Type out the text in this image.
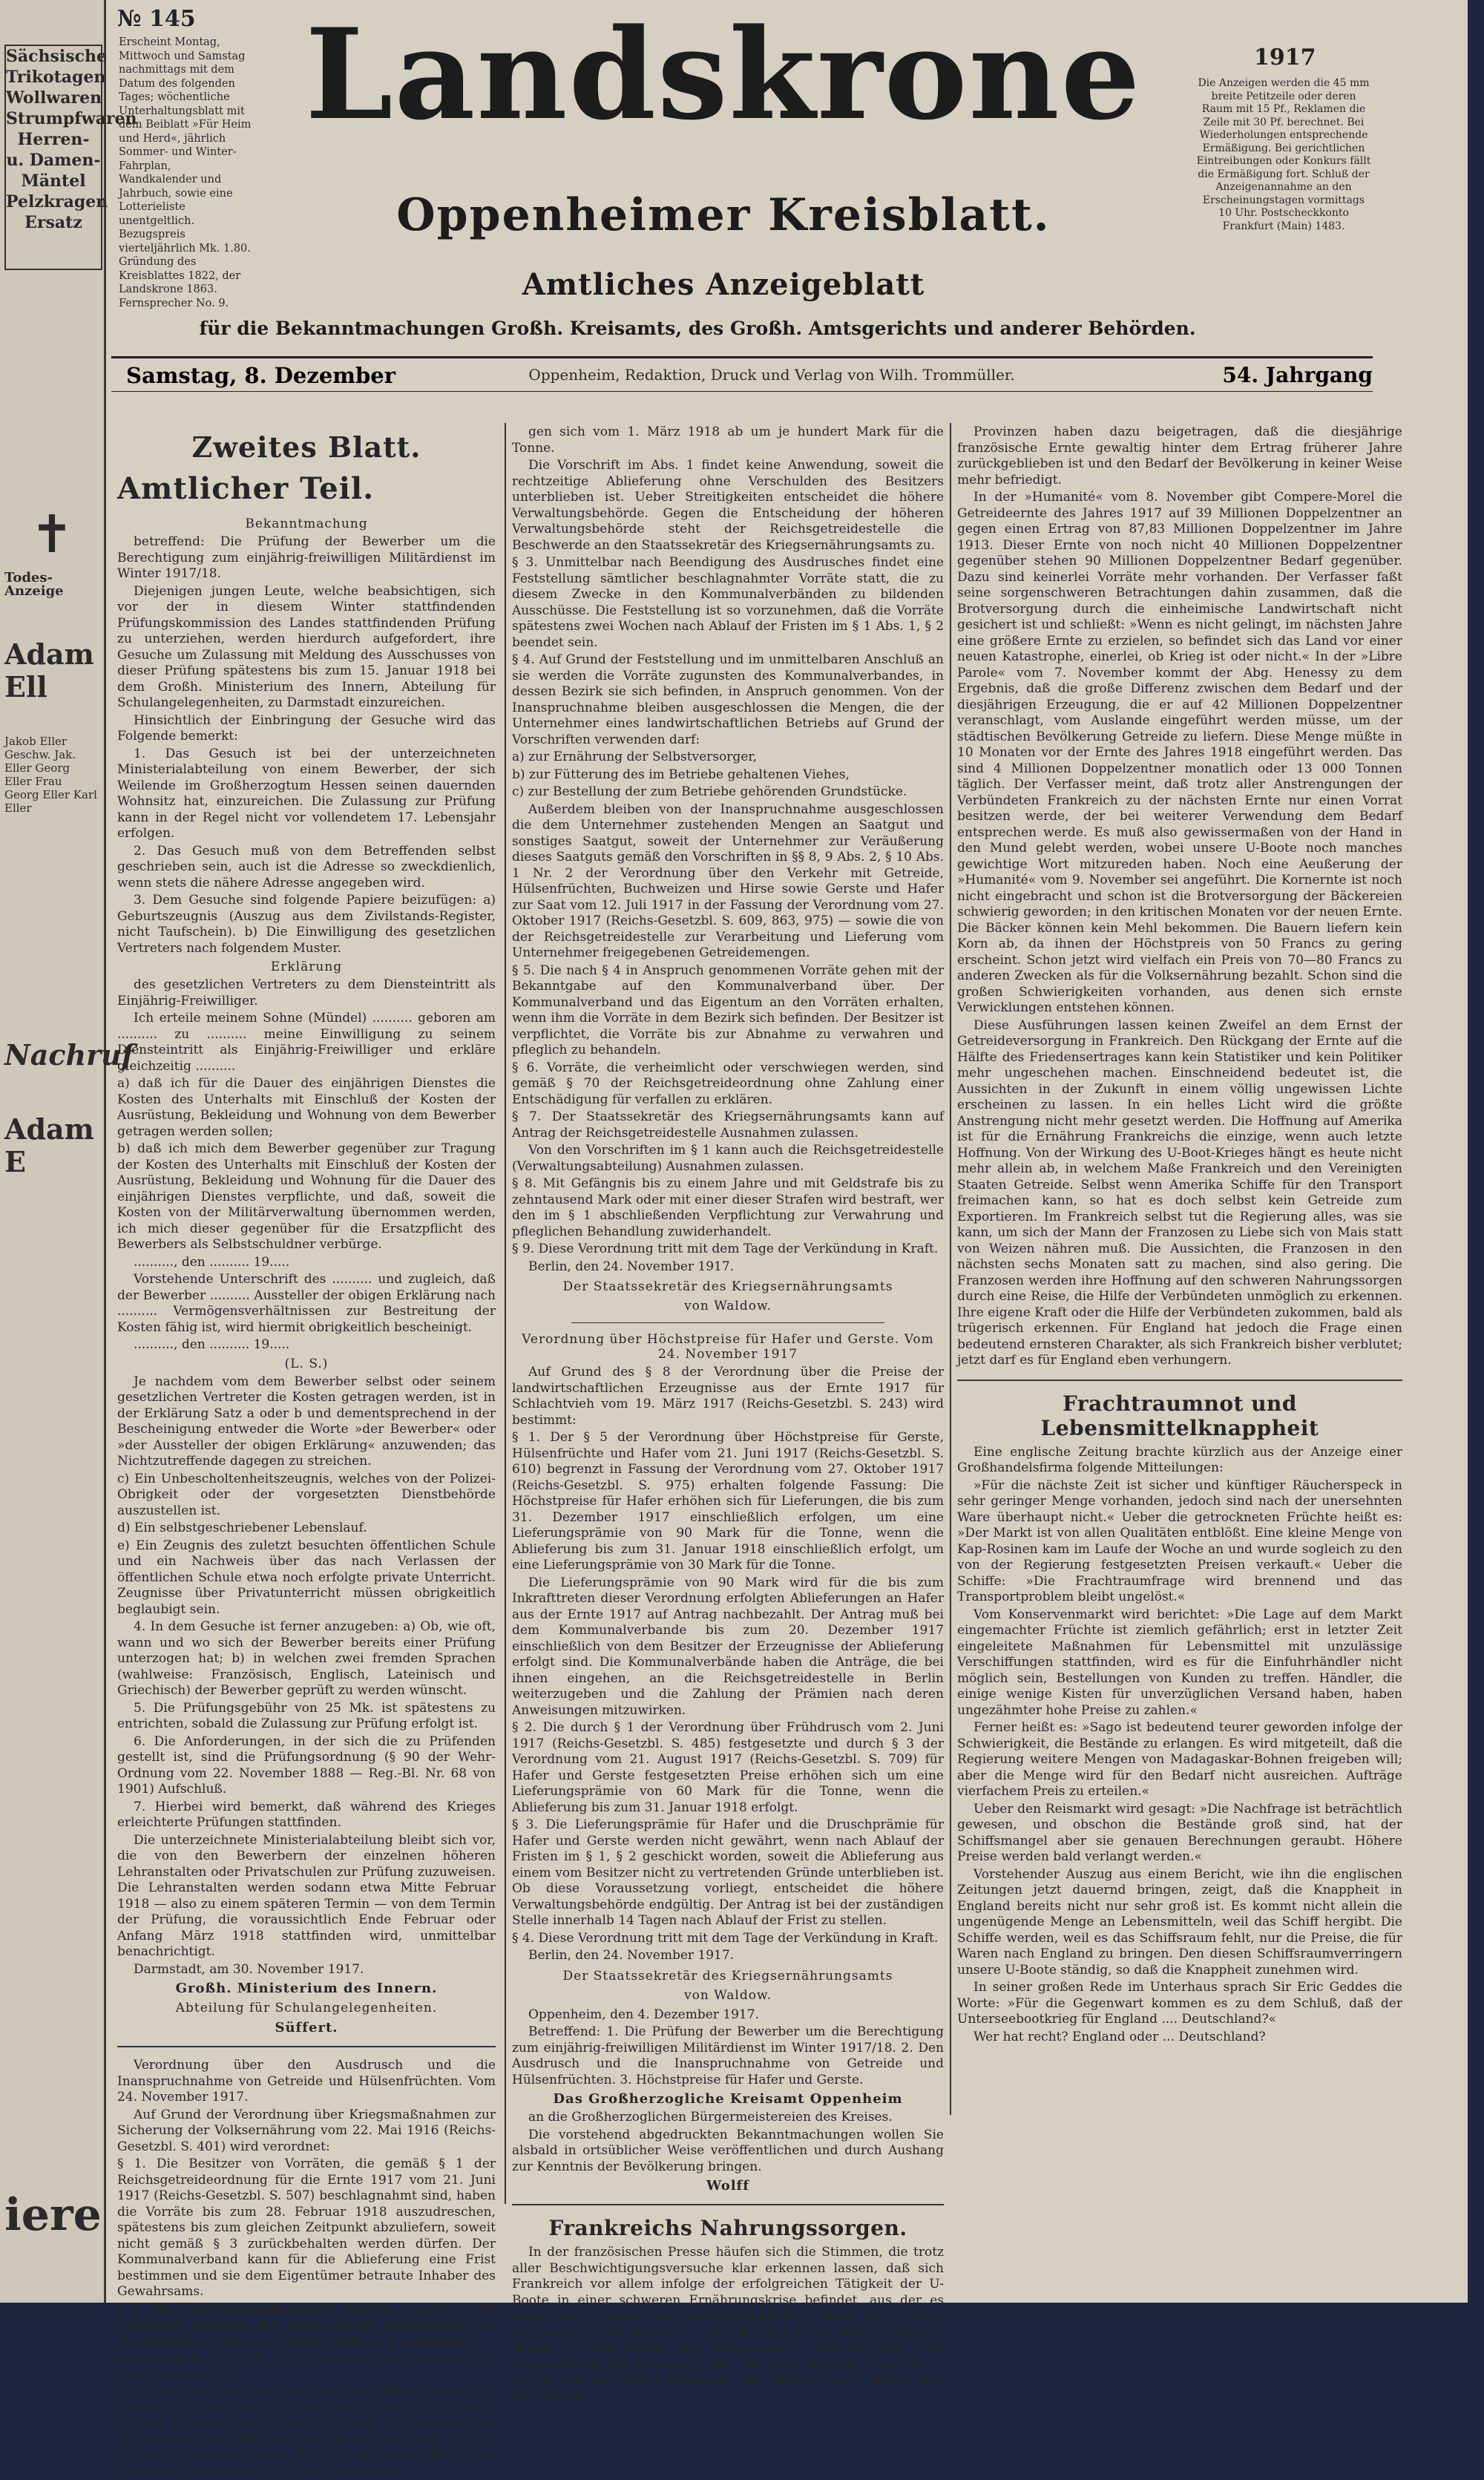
Sächsische Trikotagen Wollwaren Strumpfwaren Herren- u. Damen-Mäntel Pelzkragen Ersatz
✝
Todes-Anzeige
Adam Ell
Jakob Eller Geschw. Jak. Eller Georg Eller Frau Georg Eller Karl Eller
Nachruf
Adam E
iere
№ 145
1917
Erscheint Montag, Mittwoch und Samstag nachmittags mit dem Datum des folgenden Tages; wöchentliche Unterhaltungsblatt mit dem Beiblatt »Für Heim und Herd«, jährlich Sommer- und Winter-Fahrplan, Wandkalender und Jahrbuch, sowie eine Lotterieliste unentgeltlich. Bezugspreis vierteljährlich Mk. 1.80. Gründung des Kreisblattes 1822, der Landskrone 1863. Fernsprecher No. 9.
Die Anzeigen werden die 45 mm breite Petitzeile oder deren Raum mit 15 Pf., Reklamen die Zeile mit 30 Pf. berechnet. Bei Wiederholungen entsprechende Ermäßigung. Bei gerichtlichen Eintreibungen oder Konkurs fällt die Ermäßigung fort. Schluß der Anzeigenannahme an den Erscheinungstagen vormittags 10 Uhr. Postscheckkonto Frankfurt (Main) 1483.
Landskrone
Oppenheimer Kreisblatt.
Amtliches Anzeigeblatt
für die Bekanntmachungen Großh. Kreisamts, des Großh. Amtsgerichts und anderer Behörden.
Samstag, 8. Dezember	Oppenheim, Redaktion, Druck und Verlag von Wilh. Trommüller.	54. Jahrgang
Zweites Blatt.
Amtlicher Teil.
Bekanntmachung

betreffend: Die Prüfung der Bewerber um die Berechtigung zum einjährig-freiwilligen Militärdienst im Winter 1917/18.

Diejenigen jungen Leute, welche beabsichtigen, sich vor der in diesem Winter stattfindenden Prüfungskommission des Landes stattfindenden Prüfung zu unterziehen, werden hierdurch aufgefordert, ihre Gesuche um Zulassung mit Meldung des Ausschusses von dieser Prüfung spätestens bis zum 15. Januar 1918 bei dem Großh. Ministerium des Innern, Abteilung für Schulangelegenheiten, zu Darmstadt einzureichen.

Hinsichtlich der Einbringung der Gesuche wird das Folgende bemerkt:

1. Das Gesuch ist bei der unterzeichneten Ministerialabteilung von einem Bewerber, der sich Weilende im Großherzogtum Hessen seinen dauernden Wohnsitz hat, einzureichen. Die Zulassung zur Prüfung kann in der Regel nicht vor vollendetem 17. Lebensjahr erfolgen.

2. Das Gesuch muß von dem Betreffenden selbst geschrieben sein, auch ist die Adresse so zweckdienlich, wenn stets die nähere Adresse angegeben wird.

3. Dem Gesuche sind folgende Papiere beizufügen: a) Geburtszeugnis (Auszug aus dem Zivilstands-Register, nicht Taufschein). b) Die Einwilligung des gesetzlichen Vertreters nach folgendem Muster.

Erklärung

des gesetzlichen Vertreters zu dem Diensteintritt als Einjährig-Freiwilliger.

Ich erteile meinem Sohne (Mündel) .......... geboren am .......... zu .......... meine Einwilligung zu seinem Diensteintritt als Einjährig-Freiwilliger und erkläre gleichzeitig ..........

a) daß ich für die Dauer des einjährigen Dienstes die Kosten des Unterhalts mit Einschluß der Kosten der Ausrüstung, Bekleidung und Wohnung von dem Bewerber getragen werden sollen;

b) daß ich mich dem Bewerber gegenüber zur Tragung der Kosten des Unterhalts mit Einschluß der Kosten der Ausrüstung, Bekleidung und Wohnung für die Dauer des einjährigen Dienstes verpflichte, und daß, soweit die Kosten von der Militärverwaltung übernommen werden, ich mich dieser gegenüber für die Ersatzpflicht des Bewerbers als Selbstschuldner verbürge.

.........., den .......... 19.....

Vorstehende Unterschrift des .......... und zugleich, daß der Bewerber .......... Aussteller der obigen Erklärung nach .......... Vermögensverhältnissen zur Bestreitung der Kosten fähig ist, wird hiermit obrigkeitlich bescheinigt.

.........., den .......... 19.....

(L. S.)

Je nachdem vom dem Bewerber selbst oder seinem gesetzlichen Vertreter die Kosten getragen werden, ist in der Erklärung Satz a oder b und dementsprechend in der Bescheinigung entweder die Worte »der Bewerber« oder »der Aussteller der obigen Erklärung« anzuwenden; das Nichtzutreffende dagegen zu streichen.

c) Ein Unbescholtenheitszeugnis, welches von der Polizei-Obrigkeit oder der vorgesetzten Dienstbehörde auszustellen ist.

d) Ein selbstgeschriebener Lebenslauf.

e) Ein Zeugnis des zuletzt besuchten öffentlichen Schule und ein Nachweis über das nach Verlassen der öffentlichen Schule etwa noch erfolgte private Unterricht. Zeugnisse über Privatunterricht müssen obrigkeitlich beglaubigt sein.

4. In dem Gesuche ist ferner anzugeben: a) Ob, wie oft, wann und wo sich der Bewerber bereits einer Prüfung unterzogen hat; b) in welchen zwei fremden Sprachen (wahlweise: Französisch, Englisch, Lateinisch und Griechisch) der Bewerber geprüft zu werden wünscht.

5. Die Prüfungsgebühr von 25 Mk. ist spätestens zu entrichten, sobald die Zulassung zur Prüfung erfolgt ist.

6. Die Anforderungen, in der sich die zu Prüfenden gestellt ist, sind die Prüfungsordnung (§ 90 der Wehr-Ordnung vom 22. November 1888 — Reg.-Bl. Nr. 68 von 1901) Aufschluß.

7. Hierbei wird bemerkt, daß während des Krieges erleichterte Prüfungen stattfinden.

Die unterzeichnete Ministerialabteilung bleibt sich vor, die von den Bewerbern der einzelnen höheren Lehranstalten oder Privatschulen zur Prüfung zuzuweisen. Die Lehranstalten werden sodann etwa Mitte Februar 1918 — also zu einem späteren Termin — von dem Termin der Prüfung, die voraussichtlich Ende Februar oder Anfang März 1918 stattfinden wird, unmittelbar benachrichtigt.

Darmstadt, am 30. November 1917.

Großh. Ministerium des Innern.
Abteilung für Schulangelegenheiten.
Süffert.

Verordnung über den Ausdrusch und die Inanspruchnahme von Getreide und Hülsenfrüchten. Vom 24. November 1917.

Auf Grund der Verordnung über Kriegsmaßnahmen zur Sicherung der Volksernährung vom 22. Mai 1916 (Reichs-Gesetzbl. S. 401) wird verordnet:

§ 1. Die Besitzer von Vorräten, die gemäß § 1 der Reichsgetreideordnung für die Ernte 1917 vom 21. Juni 1917 (Reichs-Gesetzbl. S. 507) beschlagnahmt sind, haben die Vorräte bis zum 28. Februar 1918 auszudreschen, spätestens bis zum gleichen Zeitpunkt abzuliefern, soweit nicht gemäß § 3 zurückbehalten werden dürfen. Der Kommunalverband kann für die Ablieferung eine Frist bestimmen und sie dem Eigentümer betraute Inhaber des Gewahrsams.

§ 2. Die Landeszentralbehörden können, soweit es die Umstände gestatten, den Zeitpunkt des Ausdrusches und der Ablieferung bis zum gleichen Zeitpunkt anzuordnen.

§ 3. Die §§ 5, 6 und 21 Abs. 2 der Reichsgetreideordnung finden Anwendung.

§ 4. Die nach der Verordnung über Höchstpreise für Brotgetreide vom 19. Juli 1917 (Reichs-Gesetzbl. S. 619) und 27. Oktober 1917 (Reichs-Gesetzbl. S. 975) und über Höchstpreise für Hülsenfrüchte (Reichs-Gesetzbl. S. 737) für den Verkauf durch den Erzeuger geltenden Preise mit Ausnahme der Zuschläge bleiben unberührt.

gen sich vom 1. März 1918 ab um je hundert Mark für die Tonne.

Die Vorschrift im Abs. 1 findet keine Anwendung, soweit die rechtzeitige Ablieferung ohne Verschulden des Besitzers unterblieben ist. Ueber Streitigkeiten entscheidet die höhere Verwaltungsbehörde. Gegen die Entscheidung der höheren Verwaltungsbehörde steht der Reichsgetreidestelle die Beschwerde an den Staatssekretär des Kriegsernährungsamts zu.

§ 3. Unmittelbar nach Beendigung des Ausdrusches findet eine Feststellung sämtlicher beschlagnahmter Vorräte statt, die zu diesem Zwecke in den Kommunalverbänden zu bildenden Ausschüsse. Die Feststellung ist so vorzunehmen, daß die Vorräte spätestens zwei Wochen nach Ablauf der Fristen im § 1 Abs. 1, § 2 beendet sein.

§ 4. Auf Grund der Feststellung und im unmittelbaren Anschluß an sie werden die Vorräte zugunsten des Kommunalverbandes, in dessen Bezirk sie sich befinden, in Anspruch genommen. Von der Inanspruchnahme bleiben ausgeschlossen die Mengen, die der Unternehmer eines landwirtschaftlichen Betriebs auf Grund der Vorschriften verwenden darf:

a) zur Ernährung der Selbstversorger,

b) zur Fütterung des im Betriebe gehaltenen Viehes,

c) zur Bestellung der zum Betriebe gehörenden Grundstücke.

Außerdem bleiben von der Inanspruchnahme ausgeschlossen die dem Unternehmer zustehenden Mengen an Saatgut und sonstiges Saatgut, soweit der Unternehmer zur Veräußerung dieses Saatguts gemäß den Vorschriften in §§ 8, 9 Abs. 2, § 10 Abs. 1 Nr. 2 der Verordnung über den Verkehr mit Getreide, Hülsenfrüchten, Buchweizen und Hirse sowie Gerste und Hafer zur Saat vom 12. Juli 1917 in der Fassung der Verordnung vom 27. Oktober 1917 (Reichs-Gesetzbl. S. 609, 863, 975) — sowie die von der Reichsgetreidestelle zur Verarbeitung und Lieferung vom Unternehmer freigegebenen Getreidemengen.

§ 5. Die nach § 4 in Anspruch genommenen Vorräte gehen mit der Bekanntgabe auf den Kommunalverband über. Der Kommunalverband und das Eigentum an den Vorräten erhalten, wenn ihm die Vorräte in dem Bezirk sich befinden. Der Besitzer ist verpflichtet, die Vorräte bis zur Abnahme zu verwahren und pfleglich zu behandeln.

§ 6. Vorräte, die verheimlicht oder verschwiegen werden, sind gemäß § 70 der Reichsgetreideordnung ohne Zahlung einer Entschädigung für verfallen zu erklären.

§ 7. Der Staatssekretär des Kriegsernährungsamts kann auf Antrag der Reichsgetreidestelle Ausnahmen zulassen.

Von den Vorschriften im § 1 kann auch die Reichsgetreidestelle (Verwaltungsabteilung) Ausnahmen zulassen.

§ 8. Mit Gefängnis bis zu einem Jahre und mit Geldstrafe bis zu zehntausend Mark oder mit einer dieser Strafen wird bestraft, wer den im § 1 abschließenden Verpflichtung zur Verwahrung und pfleglichen Behandlung zuwiderhandelt.

§ 9. Diese Verordnung tritt mit dem Tage der Verkündung in Kraft.

Berlin, den 24. November 1917.

Der Staatssekretär des Kriegsernährungsamts
von Waldow.
Verordnung über Höchstpreise für Hafer und Gerste. Vom 24. November 1917

Auf Grund des § 8 der Verordnung über die Preise der landwirtschaftlichen Erzeugnisse aus der Ernte 1917 für Schlachtvieh vom 19. März 1917 (Reichs-Gesetzbl. S. 243) wird bestimmt:

§ 1. Der § 5 der Verordnung über Höchstpreise für Gerste, Hülsenfrüchte und Hafer vom 21. Juni 1917 (Reichs-Gesetzbl. S. 610) begrenzt in Fassung der Verordnung vom 27. Oktober 1917 (Reichs-Gesetzbl. S. 975) erhalten folgende Fassung: Die Höchstpreise für Hafer erhöhen sich für Lieferungen, die bis zum 31. Dezember 1917 einschließlich erfolgen, um eine Lieferungsprämie von 90 Mark für die Tonne, wenn die Ablieferung bis zum 31. Januar 1918 einschließlich erfolgt, um eine Lieferungsprämie von 30 Mark für die Tonne.

Die Lieferungsprämie von 90 Mark wird für die bis zum Inkrafttreten dieser Verordnung erfolgten Ablieferungen an Hafer aus der Ernte 1917 auf Antrag nachbezahlt. Der Antrag muß bei dem Kommunalverbande bis zum 20. Dezember 1917 einschließlich von dem Besitzer der Erzeugnisse der Ablieferung erfolgt sind. Die Kommunalverbände haben die Anträge, die bei ihnen eingehen, an die Reichsgetreidestelle in Berlin weiterzugeben und die Zahlung der Prämien nach deren Anweisungen mitzuwirken.

§ 2. Die durch § 1 der Verordnung über Frühdrusch vom 2. Juni 1917 (Reichs-Gesetzbl. S. 485) festgesetzte und durch § 3 der Verordnung vom 21. August 1917 (Reichs-Gesetzbl. S. 709) für Hafer und Gerste festgesetzten Preise erhöhen sich um eine Lieferungsprämie von 60 Mark für die Tonne, wenn die Ablieferung bis zum 31. Januar 1918 erfolgt.

§ 3. Die Lieferungsprämie für Hafer und die Druschprämie für Hafer und Gerste werden nicht gewährt, wenn nach Ablauf der Fristen im § 1, § 2 geschickt worden, soweit die Ablieferung aus einem vom Besitzer nicht zu vertretenden Gründe unterblieben ist. Ob diese Voraussetzung vorliegt, entscheidet die höhere Verwaltungsbehörde endgültig. Der Antrag ist bei der zuständigen Stelle innerhalb 14 Tagen nach Ablauf der Frist zu stellen.

§ 4. Diese Verordnung tritt mit dem Tage der Verkündung in Kraft.

Berlin, den 24. November 1917.

Der Staatssekretär des Kriegsernährungsamts
von Waldow.

Oppenheim, den 4. Dezember 1917.

Betreffend: 1. Die Prüfung der Bewerber um die Berechtigung zum einjährig-freiwilligen Militärdienst im Winter 1917/18. 2. Den Ausdrusch und die Inanspruchnahme von Getreide und Hülsenfrüchten. 3. Höchstpreise für Hafer und Gerste.

Das Großherzogliche Kreisamt Oppenheim

an die Großherzoglichen Bürgermeistereien des Kreises.

Die vorstehend abgedruckten Bekanntmachungen wollen Sie alsbald in ortsüblicher Weise veröffentlichen und durch Aushang zur Kenntnis der Bevölkerung bringen.

Wolff
Frankreichs Nahrungssorgen.

In der französischen Presse häufen sich die Stimmen, die trotz aller Beschwichtigungsversuche klar erkennen lassen, daß sich Frankreich vor allem infolge der erfolgreichen Tätigkeit der U-Boote in einer schweren Ernährungskrise befindet, aus der es weder durch eigene Kraft noch durch die Hilfe seiner Verbündeten herauszukommen hoffen darf. Der Mangel an landwirtschaftlichen Arbeitern, das Fehlen von Düngemitteln, Einziehungen zum Heeresdienst, die Besetzung der reichsten Gebiete Frankreichs durch die deutschen Truppen, die Verheerungen durch das nördlichen

Provinzen haben dazu beigetragen, daß die diesjährige französische Ernte gewaltig hinter dem Ertrag früherer Jahre zurückgeblieben ist und den Bedarf der Bevölkerung in keiner Weise mehr befriedigt.

In der »Humanité« vom 8. November gibt Compere-Morel die Getreideernte des Jahres 1917 auf 39 Millionen Doppelzentner an gegen einen Ertrag von 87,83 Millionen Doppelzentner im Jahre 1913. Dieser Ernte von noch nicht 40 Millionen Doppelzentner gegenüber stehen 90 Millionen Doppelzentner Bedarf gegenüber. Dazu sind keinerlei Vorräte mehr vorhanden. Der Verfasser faßt seine sorgenschweren Betrachtungen dahin zusammen, daß die Brotversorgung durch die einheimische Landwirtschaft nicht gesichert ist und schließt: »Wenn es nicht gelingt, im nächsten Jahre eine größere Ernte zu erzielen, so befindet sich das Land vor einer neuen Katastrophe, einerlei, ob Krieg ist oder nicht.« In der »Libre Parole« vom 7. November kommt der Abg. Henessy zu dem Ergebnis, daß die große Differenz zwischen dem Bedarf und der diesjährigen Erzeugung, die er auf 42 Millionen Doppelzentner veranschlagt, vom Auslande eingeführt werden müsse, um der städtischen Bevölkerung Getreide zu liefern. Diese Menge müßte in 10 Monaten vor der Ernte des Jahres 1918 eingeführt werden. Das sind 4 Millionen Doppelzentner monatlich oder 13 000 Tonnen täglich. Der Verfasser meint, daß trotz aller Anstrengungen der Verbündeten Frankreich zu der nächsten Ernte nur einen Vorrat besitzen werde, der bei weiterer Verwendung dem Bedarf entsprechen werde. Es muß also gewissermaßen von der Hand in den Mund gelebt werden, wobei unsere U-Boote noch manches gewichtige Wort mitzureden haben. Noch eine Aeußerung der »Humanité« vom 9. November sei angeführt. Die Kornernte ist noch nicht eingebracht und schon ist die Brotversorgung der Bäckereien schwierig geworden; in den kritischen Monaten vor der neuen Ernte. Die Bäcker können kein Mehl bekommen. Die Bauern liefern kein Korn ab, da ihnen der Höchstpreis von 50 Francs zu gering erscheint. Schon jetzt wird vielfach ein Preis von 70—80 Francs zu anderen Zwecken als für die Volksernährung bezahlt. Schon sind die großen Schwierigkeiten vorhanden, aus denen sich ernste Verwicklungen entstehen können.

Diese Ausführungen lassen keinen Zweifel an dem Ernst der Getreideversorgung in Frankreich. Den Rückgang der Ernte auf die Hälfte des Friedensertrages kann kein Statistiker und kein Politiker mehr ungeschehen machen. Einschneidend bedeutet ist, die Aussichten in der Zukunft in einem völlig ungewissen Lichte erscheinen zu lassen. In ein helles Licht wird die größte Anstrengung nicht mehr gesetzt werden. Die Hoffnung auf Amerika ist für die Ernährung Frankreichs die einzige, wenn auch letzte Hoffnung. Von der Wirkung des U-Boot-Krieges hängt es heute nicht mehr allein ab, in welchem Maße Frankreich und den Vereinigten Staaten Getreide. Selbst wenn Amerika Schiffe für den Transport freimachen kann, so hat es doch selbst kein Getreide zum Exportieren. Im Frankreich selbst tut die Regierung alles, was sie kann, um sich der Mann der Franzosen zu Liebe sich von Mais statt von Weizen nähren muß. Die Aussichten, die Franzosen in den nächsten sechs Monaten satt zu machen, sind also gering. Die Franzosen werden ihre Hoffnung auf den schweren Nahrungssorgen durch eine Reise, die Hilfe der Verbündeten unmöglich zu erkennen. Ihre eigene Kraft oder die Hilfe der Verbündeten zukommen, bald als trügerisch erkennen. Für England hat jedoch die Frage einen bedeutend ernsteren Charakter, als sich Frankreich bisher verblutet; jetzt darf es für England eben verhungern.

Frachtraumnot und Lebensmittelknappheit

Eine englische Zeitung brachte kürzlich aus der Anzeige einer Großhandelsfirma folgende Mitteilungen:

»Für die nächste Zeit ist sicher und künftiger Räucherspeck in sehr geringer Menge vorhanden, jedoch sind nach der unersehnten Ware überhaupt nicht.« Ueber die getrockneten Früchte heißt es: »Der Markt ist von allen Qualitäten entblößt. Eine kleine Menge von Kap-Rosinen kam im Laufe der Woche an und wurde sogleich zu den von der Regierung festgesetzten Preisen verkauft.« Ueber die Schiffe: »Die Frachtraumfrage wird brennend und das Transportproblem bleibt ungelöst.«

Vom Konservenmarkt wird berichtet: »Die Lage auf dem Markt eingemachter Früchte ist ziemlich gefährlich; erst in letzter Zeit eingeleitete Maßnahmen für Lebensmittel mit unzulässige Verschiffungen stattfinden, wird es für die Einfuhrhändler nicht möglich sein, Bestellungen von Kunden zu treffen. Händler, die einige wenige Kisten für unverzüglichen Versand haben, haben ungezähmter hohe Preise zu zahlen.«

Ferner heißt es: »Sago ist bedeutend teurer geworden infolge der Schwierigkeit, die Bestände zu erlangen. Es wird mitgeteilt, daß die Regierung weitere Mengen von Madagaskar-Bohnen freigeben will; aber die Menge wird für den Bedarf nicht ausreichen. Aufträge vierfachem Preis zu erteilen.«

Ueber den Reismarkt wird gesagt: »Die Nachfrage ist beträchtlich gewesen, und obschon die Bestände groß sind, hat der Schiffsmangel aber sie genauen Berechnungen geraubt. Höhere Preise werden bald verlangt werden.«

Vorstehender Auszug aus einem Bericht, wie ihn die englischen Zeitungen jetzt dauernd bringen, zeigt, daß die Knappheit in England bereits nicht nur sehr groß ist. Es kommt nicht allein die ungenügende Menge an Lebensmitteln, weil das Schiff hergibt. Die Schiffe werden, weil es das Schiffsraum fehlt, nur die Preise, die für Waren nach England zu bringen. Den diesen Schiffsraumverringern unsere U-Boote ständig, so daß die Knappheit zunehmen wird.

In seiner großen Rede im Unterhaus sprach Sir Eric Geddes die Worte: »Für die Gegenwart kommen es zu dem Schluß, daß der Unterseebootkrieg für England .... Deutschland?«

Wer hat recht? England oder ... Deutschland?
